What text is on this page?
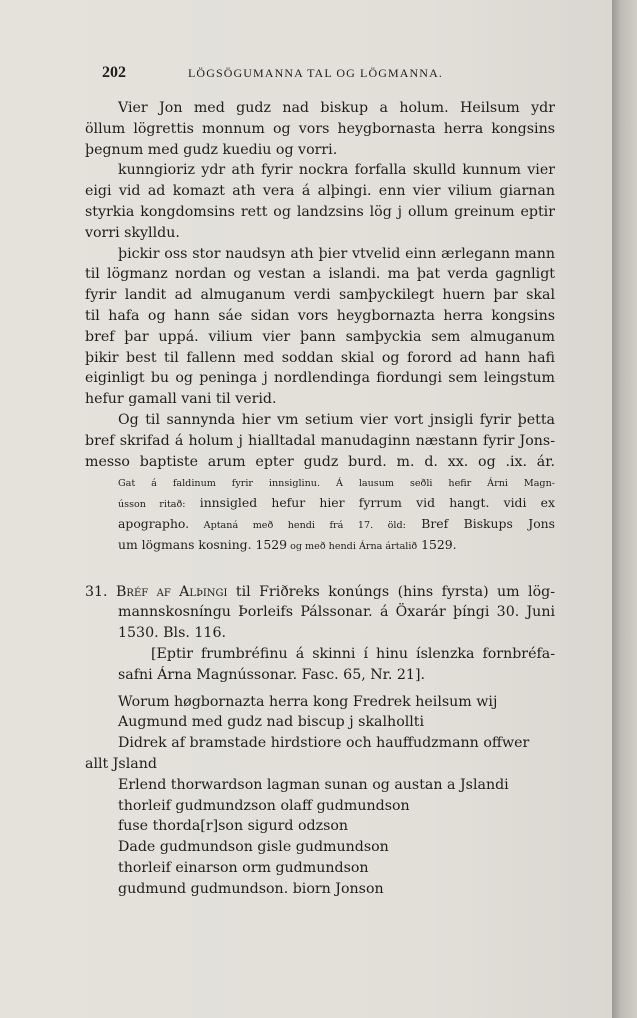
202	LÖGSÖGUMANNA TAL OG LÖGMANNA.
Vier Jon med gudz nad biskup a holum. Heilsum ydr
öllum lögrettis monnum og vors heygbornasta herra kongsins
þegnum med gudz kuediu og vorri.
kunngioriz ydr ath fyrir nockra forfalla skulld kunnum vier
eigi vid ad komazt ath vera á alþingi. enn vier vilium giarnan
styrkia kongdomsins rett og landzsins lög j ollum greinum eptir
vorri skylldu.
þickir oss stor naudsyn ath þier vtvelid einn ærlegann mann
til lögmanz nordan og vestan a islandi. ma þat verda gagnligt
fyrir landit ad almuganum verdi samþyckilegt huern þar skal
til hafa og hann sáe sidan vors heygbornazta herra kongsins
bref þar uppá. vilium vier þann samþyckia sem almuganum
þikir best til fallenn med soddan skial og forord ad hann hafi
eiginligt bu og peninga j nordlendinga fiordungi sem leingstum
hefur gamall vani til verid.
Og til sannynda hier vm setium vier vort jnsigli fyrir þetta
bref skrifad á holum j hialltadal manudaginn næstann fyrir Jons-
messo baptiste arum epter gudz burd. m. d. xx. og .ix. ár.
Gat á faldinum fyrir innsiglinu. Á lausum seðli hefir Árni Magn-
ússon ritað: innsigled hefur hier fyrrum vid hangt. vidi ex
apographo. Aptaná með hendi frá 17. öld: Bref Biskups Jons
um lögmans kosning. 1529 og með hendi Árna ártalið 1529.
31. Bréf af Alþingi til Friðreks konúngs (hins fyrsta) um lög-
mannskosníngu Þorleifs Pálssonar. á Öxarár þíngi 30. Juni
1530. Bls. 116.
[Eptir frumbréfinu á skinni í hinu íslenzka fornbréfa-
safni Árna Magnússonar. Fasc. 65, Nr. 21].
Worum høgbornazta herra kong Fredrek heilsum wij
Augmund med gudz nad biscup j skalhollti
Didrek af bramstade hirdstiore och hauffudzmann offwer
allt Jsland
Erlend thorwardson lagman sunan og austan a Jslandi
thorleif gudmundzson olaff gudmundson
fuse thorda[r]son sigurd odzson
Dade gudmundson gisle gudmundson
thorleif einarson orm gudmundson
gudmund gudmundson. biorn Jonson
